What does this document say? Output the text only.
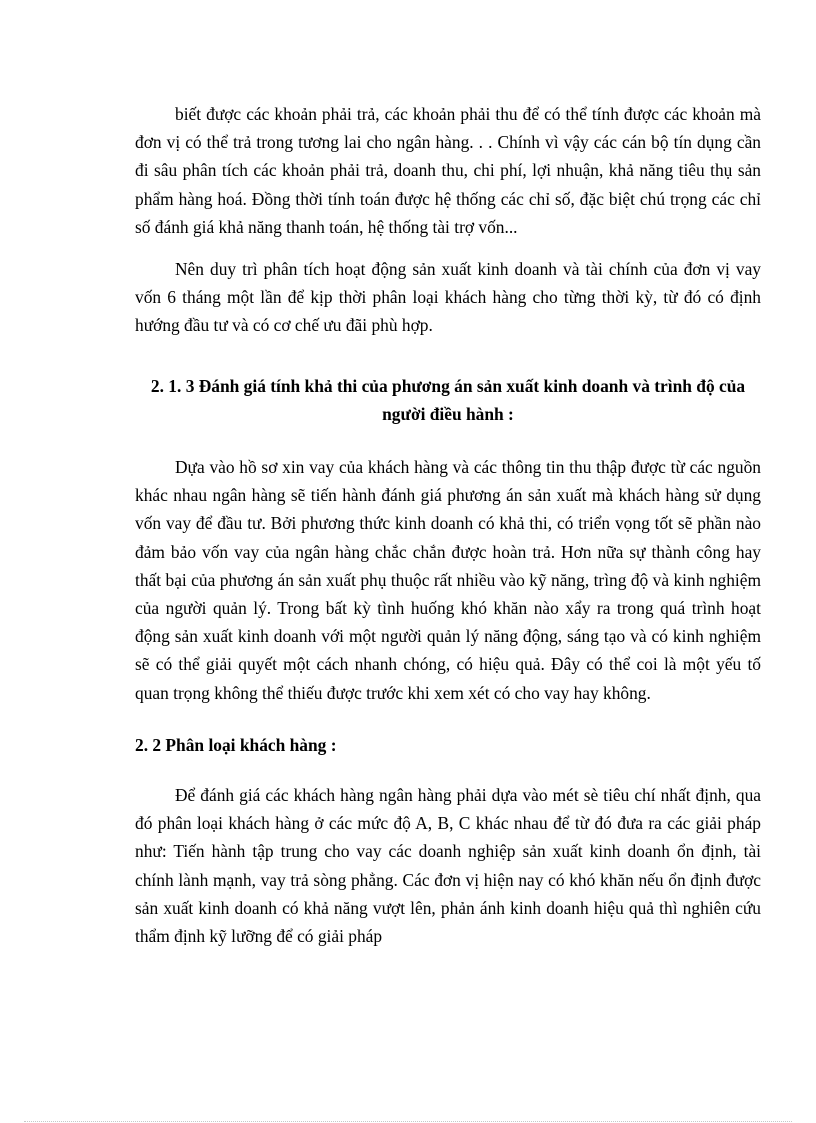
biết được các khoản phải trả, các khoản phải thu để có thể tính được các khoản mà đơn vị có thể trả trong tương lai cho ngân hàng. . . Chính vì vậy các cán bộ tín dụng cần đi sâu phân tích các khoản phải trả, doanh thu, chi phí, lợi nhuận, khả năng tiêu thụ sản phẩm hàng hoá. Đồng thời tính toán được hệ thống các chỉ số, đặc biệt chú trọng các chỉ số đánh giá khả năng thanh toán, hệ thống tài trợ vốn...

Nên duy trì phân tích hoạt động sản xuất kinh doanh và tài chính của đơn vị vay vốn 6 tháng một lần để kịp thời phân loại khách hàng cho từng thời kỳ, từ đó có định hướng đầu tư và có cơ chế ưu đãi phù hợp.

2. 1. 3 Đánh giá tính khả thi của phương án sản xuất kinh doanh và trình độ của người điều hành :

Dựa vào hồ sơ xin vay của khách hàng và các thông tin thu thập được từ các nguồn khác nhau ngân hàng sẽ tiến hành đánh giá phương án sản xuất mà khách hàng sử dụng vốn vay để đầu tư. Bởi phương thức kinh doanh có khả thi, có triển vọng tốt sẽ phần nào đảm bảo vốn vay của ngân hàng chắc chắn được hoàn trả. Hơn nữa sự thành công hay thất bại của phương án sản xuất phụ thuộc rất nhiều vào kỹ năng, trìng độ và kinh nghiệm của người quản lý. Trong bất kỳ tình huống khó khăn nào xẩy ra trong quá trình hoạt động sản xuất kinh doanh với một người quản lý năng động, sáng tạo và có kinh nghiệm sẽ có thể giải quyết một cách nhanh chóng, có hiệu quả. Đây có thể coi là một yếu tố quan trọng không thể thiếu được trước khi xem xét có cho vay hay không.

2. 2 Phân loại khách hàng :

Để đánh giá các khách hàng ngân hàng phải dựa vào mét sè tiêu chí nhất định, qua đó phân loại khách hàng ở các mức độ A, B, C khác nhau để từ đó đưa ra các giải pháp như: Tiến hành tập trung cho vay các doanh nghiệp sản xuất kinh doanh ổn định, tài chính lành mạnh, vay trả sòng phẳng. Các đơn vị hiện nay có khó khăn nếu ổn định được sản xuất kinh doanh có khả năng vượt lên, phản ánh kinh doanh hiệu quả thì nghiên cứu thẩm định kỹ lưỡng để có giải pháp
